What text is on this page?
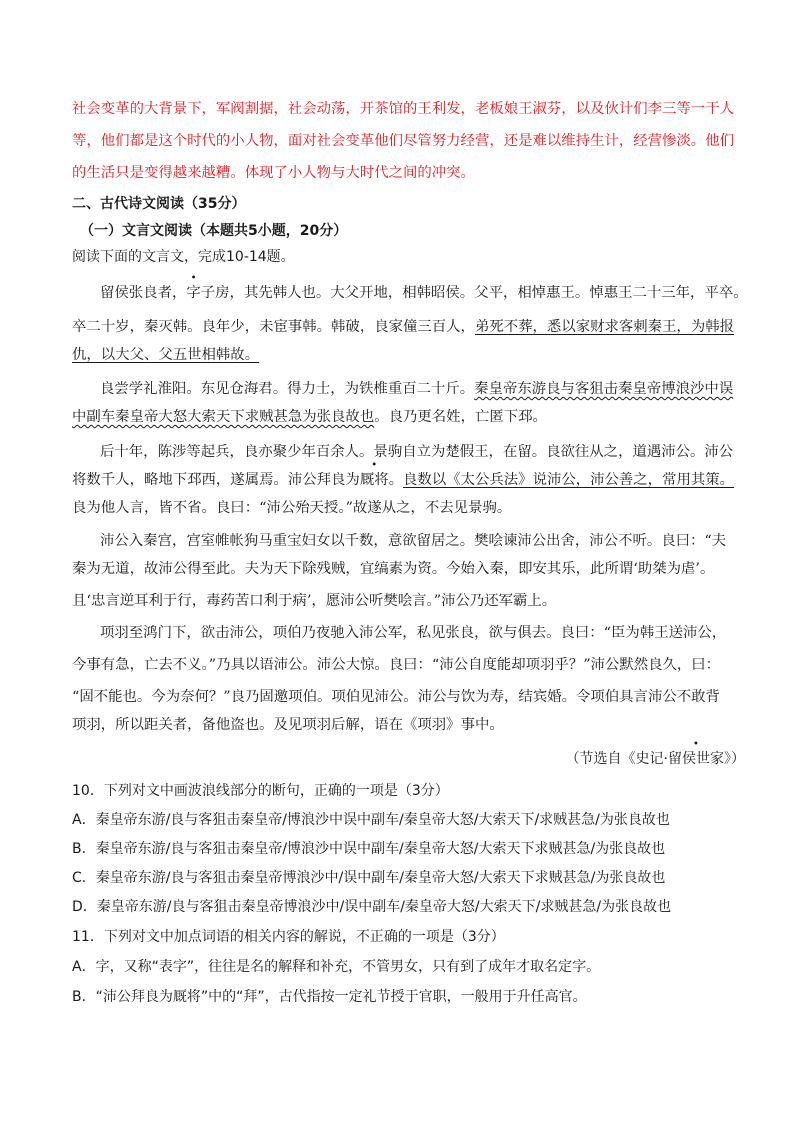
社会变革的大背景下，军阀割据，社会动荡，开茶馆的王利发，老板娘王淑芬，以及伙计们李三等一干人
等，他们都是这个时代的小人物，面对社会变革他们尽管努力经营，还是难以维持生计，经营惨淡。他们
的生活只是变得越来越糟。体现了小人物与大时代之间的冲突。
二、古代诗文阅读（35分）
（一）文言文阅读（本题共5小题，20分）
阅读下面的文言文，完成10-14题。
留侯张良者，字子房，其先韩人也。大父开地，相韩昭侯。父平，相悼惠王。悼惠王二十三年，平卒。
卒二十岁，秦灭韩。良年少，未宦事韩。韩破，良家僮三百人，弟死不葬，悉以家财求客刺秦王，为韩报
仇，以大父、父五世相韩故。
良尝学礼淮阳。东见仓海君。得力士，为铁椎重百二十斤。秦皇帝东游良与客狙击秦皇帝博浪沙中误
中副车秦皇帝大怒大索天下求贼甚急为张良故也。良乃更名姓，亡匿下邳。
后十年，陈涉等起兵，良亦聚少年百余人。景驹自立为楚假王，在留。良欲往从之，道遇沛公。沛公
将数千人，略地下邳西，遂属焉。沛公拜良为厩将。良数以《太公兵法》说沛公，沛公善之，常用其策。
良为他人言，皆不省。良曰：“沛公殆天授。”故遂从之，不去见景驹。
沛公入秦宫，宫室帷帐狗马重宝妇女以千数，意欲留居之。樊哙谏沛公出舍，沛公不听。良曰：“夫
秦为无道，故沛公得至此。夫为天下除残贼，宜缟素为资。今始入秦，即安其乐，此所谓‘助桀为虐’。
且‘忠言逆耳利于行，毒药苦口利于病’，愿沛公听樊哙言。”沛公乃还军霸上。
项羽至鸿门下，欲击沛公，项伯乃夜驰入沛公军，私见张良，欲与俱去。良曰：“臣为韩王送沛公，
今事有急，亡去不义。”乃具以语沛公。沛公大惊。良曰：“沛公自度能却项羽乎？”沛公默然良久，曰：
“固不能也。今为奈何？”良乃固邀项伯。项伯见沛公。沛公与饮为寿，结宾婚。令项伯具言沛公不敢背
项羽，所以距关者，备他盗也。及见项羽后解，语在《项羽》事中。
（节选自《史记·留侯世家》）
10．下列对文中画波浪线部分的断句，正确的一项是（3分）
A．秦皇帝东游/良与客狙击秦皇帝/博浪沙中误中副车/秦皇帝大怒/大索天下/求贼甚急/为张良故也
B．秦皇帝东游/良与客狙击秦皇帝/博浪沙中误中副车/秦皇帝大怒/大索天下求贼甚急/为张良故也
C．秦皇帝东游/良与客狙击秦皇帝博浪沙中/误中副车/秦皇帝大怒/大索天下求贼甚急/为张良故也
D．秦皇帝东游/良与客狙击秦皇帝博浪沙中/误中副车/秦皇帝大怒/大索天下/求贼甚急/为张良故也
11．下列对文中加点词语的相关内容的解说，不正确的一项是（3分）
A．字，又称“表字”，往往是名的解释和补充，不管男女，只有到了成年才取名定字。
B．“沛公拜良为厩将”中的“拜”，古代指按一定礼节授于官职，一般用于升任高官。
